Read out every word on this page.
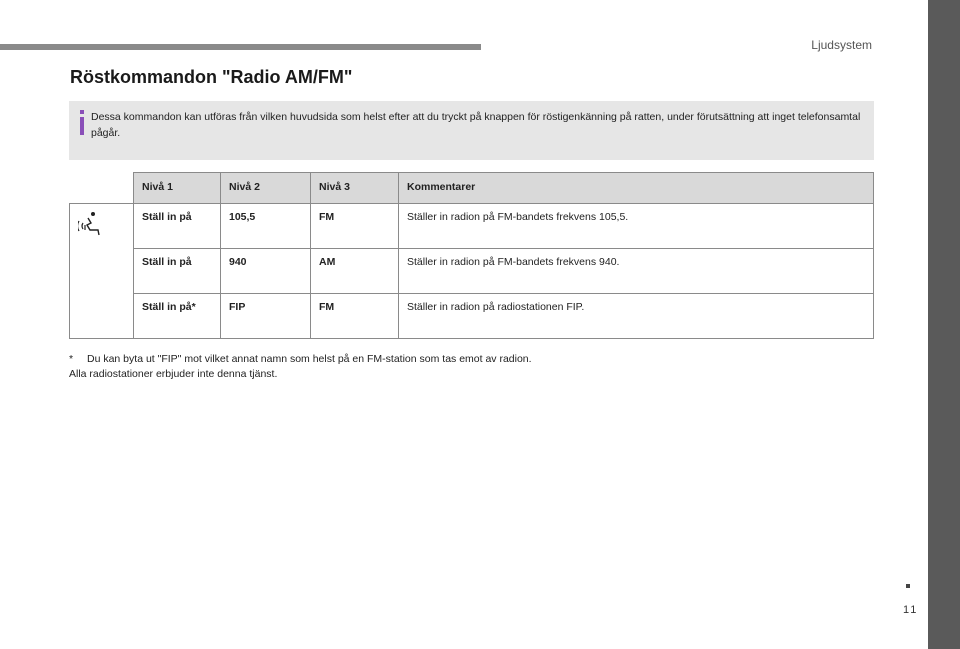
Ljudsystem
Röstkommandon "Radio AM/FM"
Dessa kommandon kan utföras från vilken huvudsida som helst efter att du tryckt på knappen för röstigenkänning på ratten, under förutsättning att inget telefonsamtal pågår.
	Nivå 1	Nivå 2	Nivå 3	Kommentarer
	Ställ in på	105,5	FM	Ställer in radion på FM-bandets frekvens 105,5.
	Ställ in på	940	AM	Ställer in radion på FM-bandets frekvens 940.
	Ställ in på*	FIP	FM	Ställer in radion på radiostationen FIP.
* Du kan byta ut "FIP" mot vilket annat namn som helst på en FM-station som tas emot av radion.
Alla radiostationer erbjuder inte denna tjänst.
11
